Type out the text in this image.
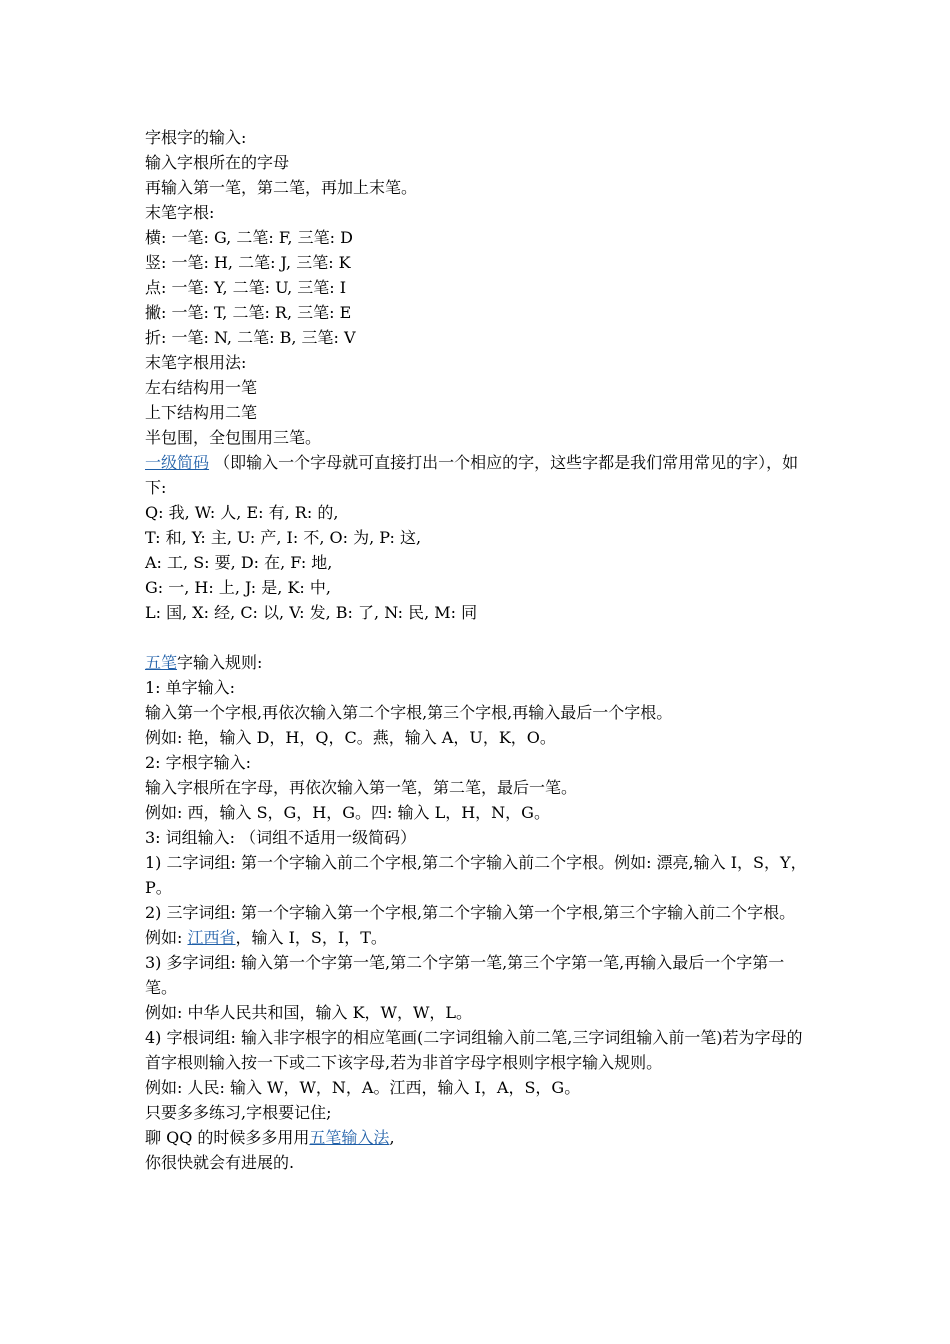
字根字的输入:
输入字根所在的字母
再输入第一笔，第二笔，再加上末笔。
末笔字根:
横: 一笔: G, 二笔: F, 三笔: D
竖: 一笔: H, 二笔: J, 三笔: K
点: 一笔: Y, 二笔: U, 三笔: I
撇: 一笔: T, 二笔: R, 三笔: E
折: 一笔: N, 二笔: B, 三笔: V
末笔字根用法:
左右结构用一笔
上下结构用二笔
半包围，全包围用三笔。
一级简码 （即输入一个字母就可直接打出一个相应的字，这些字都是我们常用常见的字），如下:
Q: 我, W: 人, E: 有, R: 的,
T: 和, Y: 主, U: 产, I: 不, O: 为, P: 这,
A: 工, S: 要, D: 在, F: 地,
G: 一, H: 上, J: 是, K: 中,
L: 国, X: 经, C: 以, V: 发, B: 了, N: 民, M: 同
五笔字输入规则:
1: 单字输入:
输入第一个字根,再依次输入第二个字根,第三个字根,再输入最后一个字根。
例如: 艳，输入 D，H，Q，C。燕，输入 A，U，K，O。
2: 字根字输入:
输入字根所在字母，再依次输入第一笔，第二笔，最后一笔。
例如: 西，输入 S，G，H，G。四: 输入 L，H，N，G。
3: 词组输入: （词组不适用一级简码）
1) 二字词组: 第一个字输入前二个字根,第二个字输入前二个字根。例如: 漂亮,输入 I，S，Y，P。
2) 三字词组: 第一个字输入第一个字根,第二个字输入第一个字根,第三个字输入前二个字根。
例如: 江西省，输入 I，S，I，T。
3) 多字词组: 输入第一个字第一笔,第二个字第一笔,第三个字第一笔,再输入最后一个字第一笔。
例如: 中华人民共和国，输入 K，W，W，L。
4) 字根词组: 输入非字根字的相应笔画(二字词组输入前二笔,三字词组输入前一笔)若为字母的首字根则输入按一下或二下该字母,若为非首字母字根则字根字输入规则。
例如: 人民: 输入 W，W，N，A。江西，输入 I，A，S，G。
只要多多练习,字根要记住;
聊 QQ 的时候多多用用五笔输入法,
你很快就会有进展的.
